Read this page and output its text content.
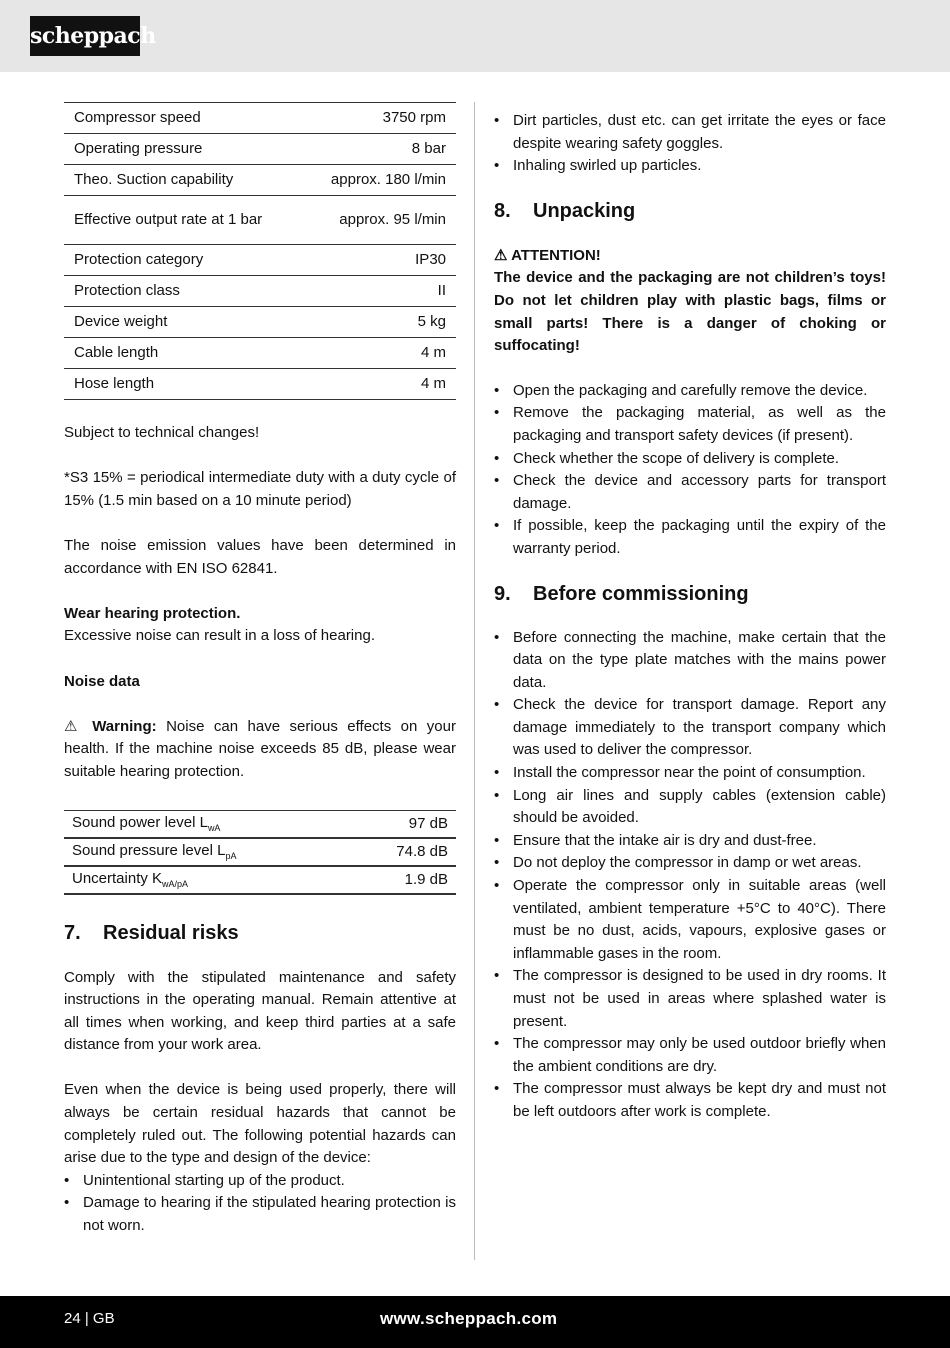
scheppach
Compressor speed	3750 rpm
Operating pressure	8 bar
Theo. Suction capability	approx. 180 l/min
Effective output rate at 1 bar	approx. 95 l/min
Protection category	IP30
Protection class	II
Device weight	5 kg
Cable length	4 m
Hose length	4 m

Subject to technical changes!

*S3 15% = periodical intermediate duty with a duty cycle of 15% (1.5 min based on a 10 minute period)

The noise emission values have been determined in accordance with EN ISO 62841.

Wear hearing protection.

Excessive noise can result in a loss of hearing.

Noise data

⚠ Warning: Noise can have serious effects on your health. If the machine noise exceeds 85 dB, please wear suitable hearing protection.

Sound power level $L_{wA}$	97 dB
Sound pressure level $L_{pA}$	74.8 dB
Uncertainty $K_{wA/pA}$	1.9 dB
7. Residual risks

Comply with the stipulated maintenance and safety instructions in the operating manual. Remain attentive at all times when working, and keep third parties at a safe distance from your work area.

Even when the device is being used properly, there will always be certain residual hazards that cannot be completely ruled out. The following potential hazards can arise due to the type and design of the device:

• Unintentional starting up of the product.
• Damage to hearing if the stipulated hearing protection is not worn.
• Dirt particles, dust etc. can get irritate the eyes or face despite wearing safety goggles.
• Inhaling swirled up particles.
8. Unpacking

⚠ ATTENTION!

The device and the packaging are not children’s toys! Do not let children play with plastic bags, films or small parts! There is a danger of choking or suffocating!

• Open the packaging and carefully remove the device.
• Remove the packaging material, as well as the packaging and transport safety devices (if present).
• Check whether the scope of delivery is complete.
• Check the device and accessory parts for transport damage.
• If possible, keep the packaging until the expiry of the warranty period.
9. Before commissioning
• Before connecting the machine, make certain that the data on the type plate matches with the mains power data.
• Check the device for transport damage. Report any damage immediately to the transport company which was used to deliver the compressor.
• Install the compressor near the point of consumption.
• Long air lines and supply cables (extension cable) should be avoided.
• Ensure that the intake air is dry and dust-free.
• Do not deploy the compressor in damp or wet areas.
• Operate the compressor only in suitable areas (well ventilated, ambient temperature +5°C to 40°C). There must be no dust, acids, vapours, explosive gases or inflammable gases in the room.
• The compressor is designed to be used in dry rooms. It must not be used in areas where splashed water is present.
• The compressor may only be used outdoor briefly when the ambient conditions are dry.
• The compressor must always be kept dry and must not be left outdoors after work is complete.
24 | GB	www.scheppach.com
